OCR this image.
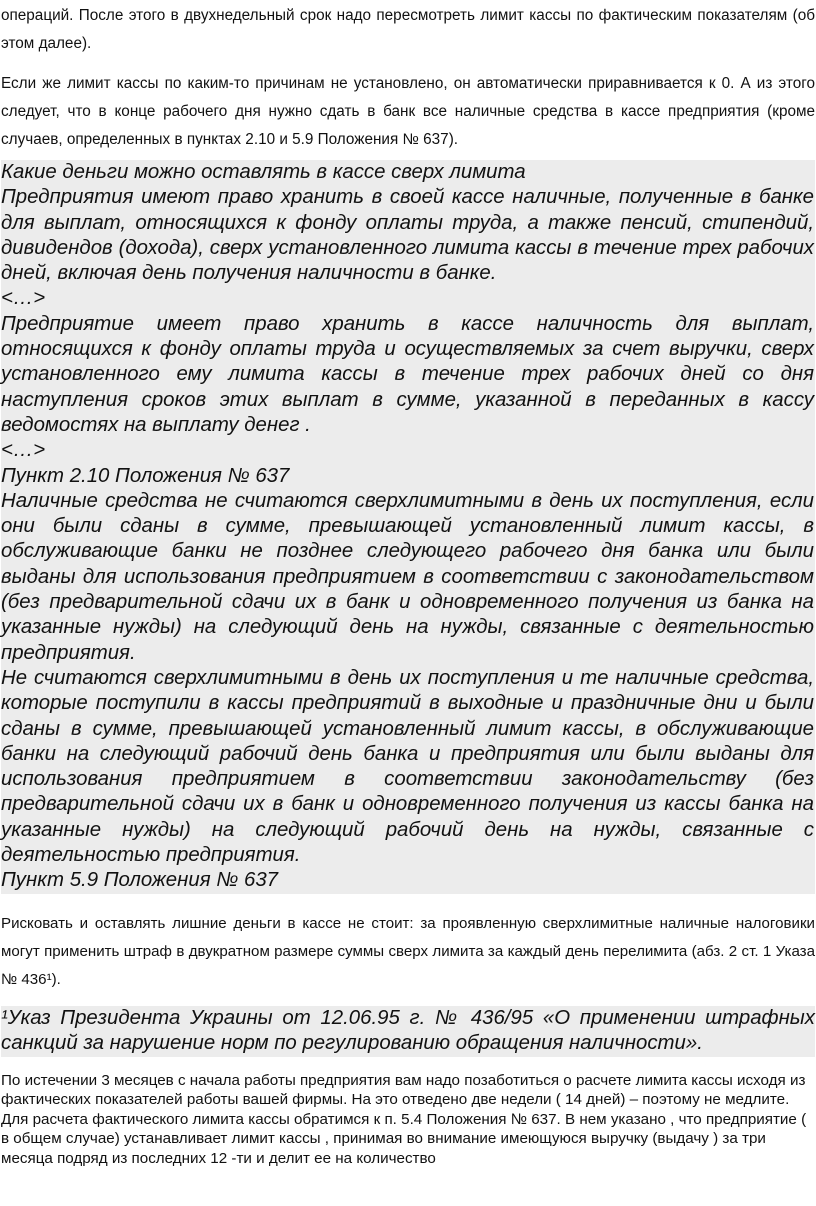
операций. После этого в двухнедельный срок надо пересмотреть лимит кассы по фактическим показателям (об этом далее).

Если же лимит кассы по каким-то причинам не установлено, он автоматически приравнивается к 0. А из этого следует, что в конце рабочего дня нужно сдать в банк все наличные средства в кассе предприятия (кроме случаев, определенных в пунктах 2.10 и 5.9 Положения № 637).

Какие деньги можно оставлять в кассе сверх лимита

Предприятия имеют право хранить в своей кассе наличные, полученные в банке для выплат, относящихся к фонду оплаты труда, а также пенсий, стипендий, дивидендов (дохода), сверх установленного лимита кассы в течение трех рабочих дней, включая день получения наличности в банке.

<…>

Предприятие имеет право хранить в кассе наличность для выплат, относящихся к фонду оплаты труда и осуществляемых за счет выручки, сверх установленного ему лимита кассы в течение трех рабочих дней со дня наступления сроков этих выплат в сумме, указанной в переданных в кассу ведомостях на выплату денег .

<…>

Пункт 2.10 Положения № 637

Наличные средства не считаются сверхлимитными в день их поступления, если они были сданы в сумме, превышающей установленный лимит кассы, в обслуживающие банки не позднее следующего рабочего дня банка или были выданы для использования предприятием в соответствии с законодательством (без предварительной сдачи их в банк и одновременного получения из банка на указанные нужды) на следующий день на нужды, связанные с деятельностью предприятия.

Не считаются сверхлимитными в день их поступления и те наличные средства, которые поступили в кассы предприятий в выходные и праздничные дни и были сданы в сумме, превышающей установленный лимит кассы, в обслуживающие банки на следующий рабочий день банка и предприятия или были выданы для использования предприятием в соответствии законодательству (без предварительной сдачи их в банк и одновременного получения из кассы банка на указанные нужды) на следующий рабочий день на нужды, связанные с деятельностью предприятия.

Пункт 5.9 Положения № 637

Рисковать и оставлять лишние деньги в кассе не стоит: за проявленную сверхлимитные наличные налоговики могут применить штраф в двукратном размере суммы сверх лимита за каждый день перелимита (абз. 2 ст. 1 Указа № 436¹).

¹Указ Президента Украины от 12.06.95 г. № 436/95 «О применении штрафных санкций за нарушение норм по регулированию обращения наличности».

По истечении 3 месяцев с начала работы предприятия вам надо позаботиться о расчете лимита кассы исходя из фактических показателей работы вашей фирмы. На это отведено две недели ( 14 дней) – поэтому не медлите. Для расчета фактического лимита кассы обратимся к п. 5.4 Положения № 637. В нем указано , что предприятие ( в общем случае) устанавливает лимит кассы , принимая во внимание имеющуюся выручку (выдачу ) за три месяца подряд из последних 12 -ти и делит ее на количество
